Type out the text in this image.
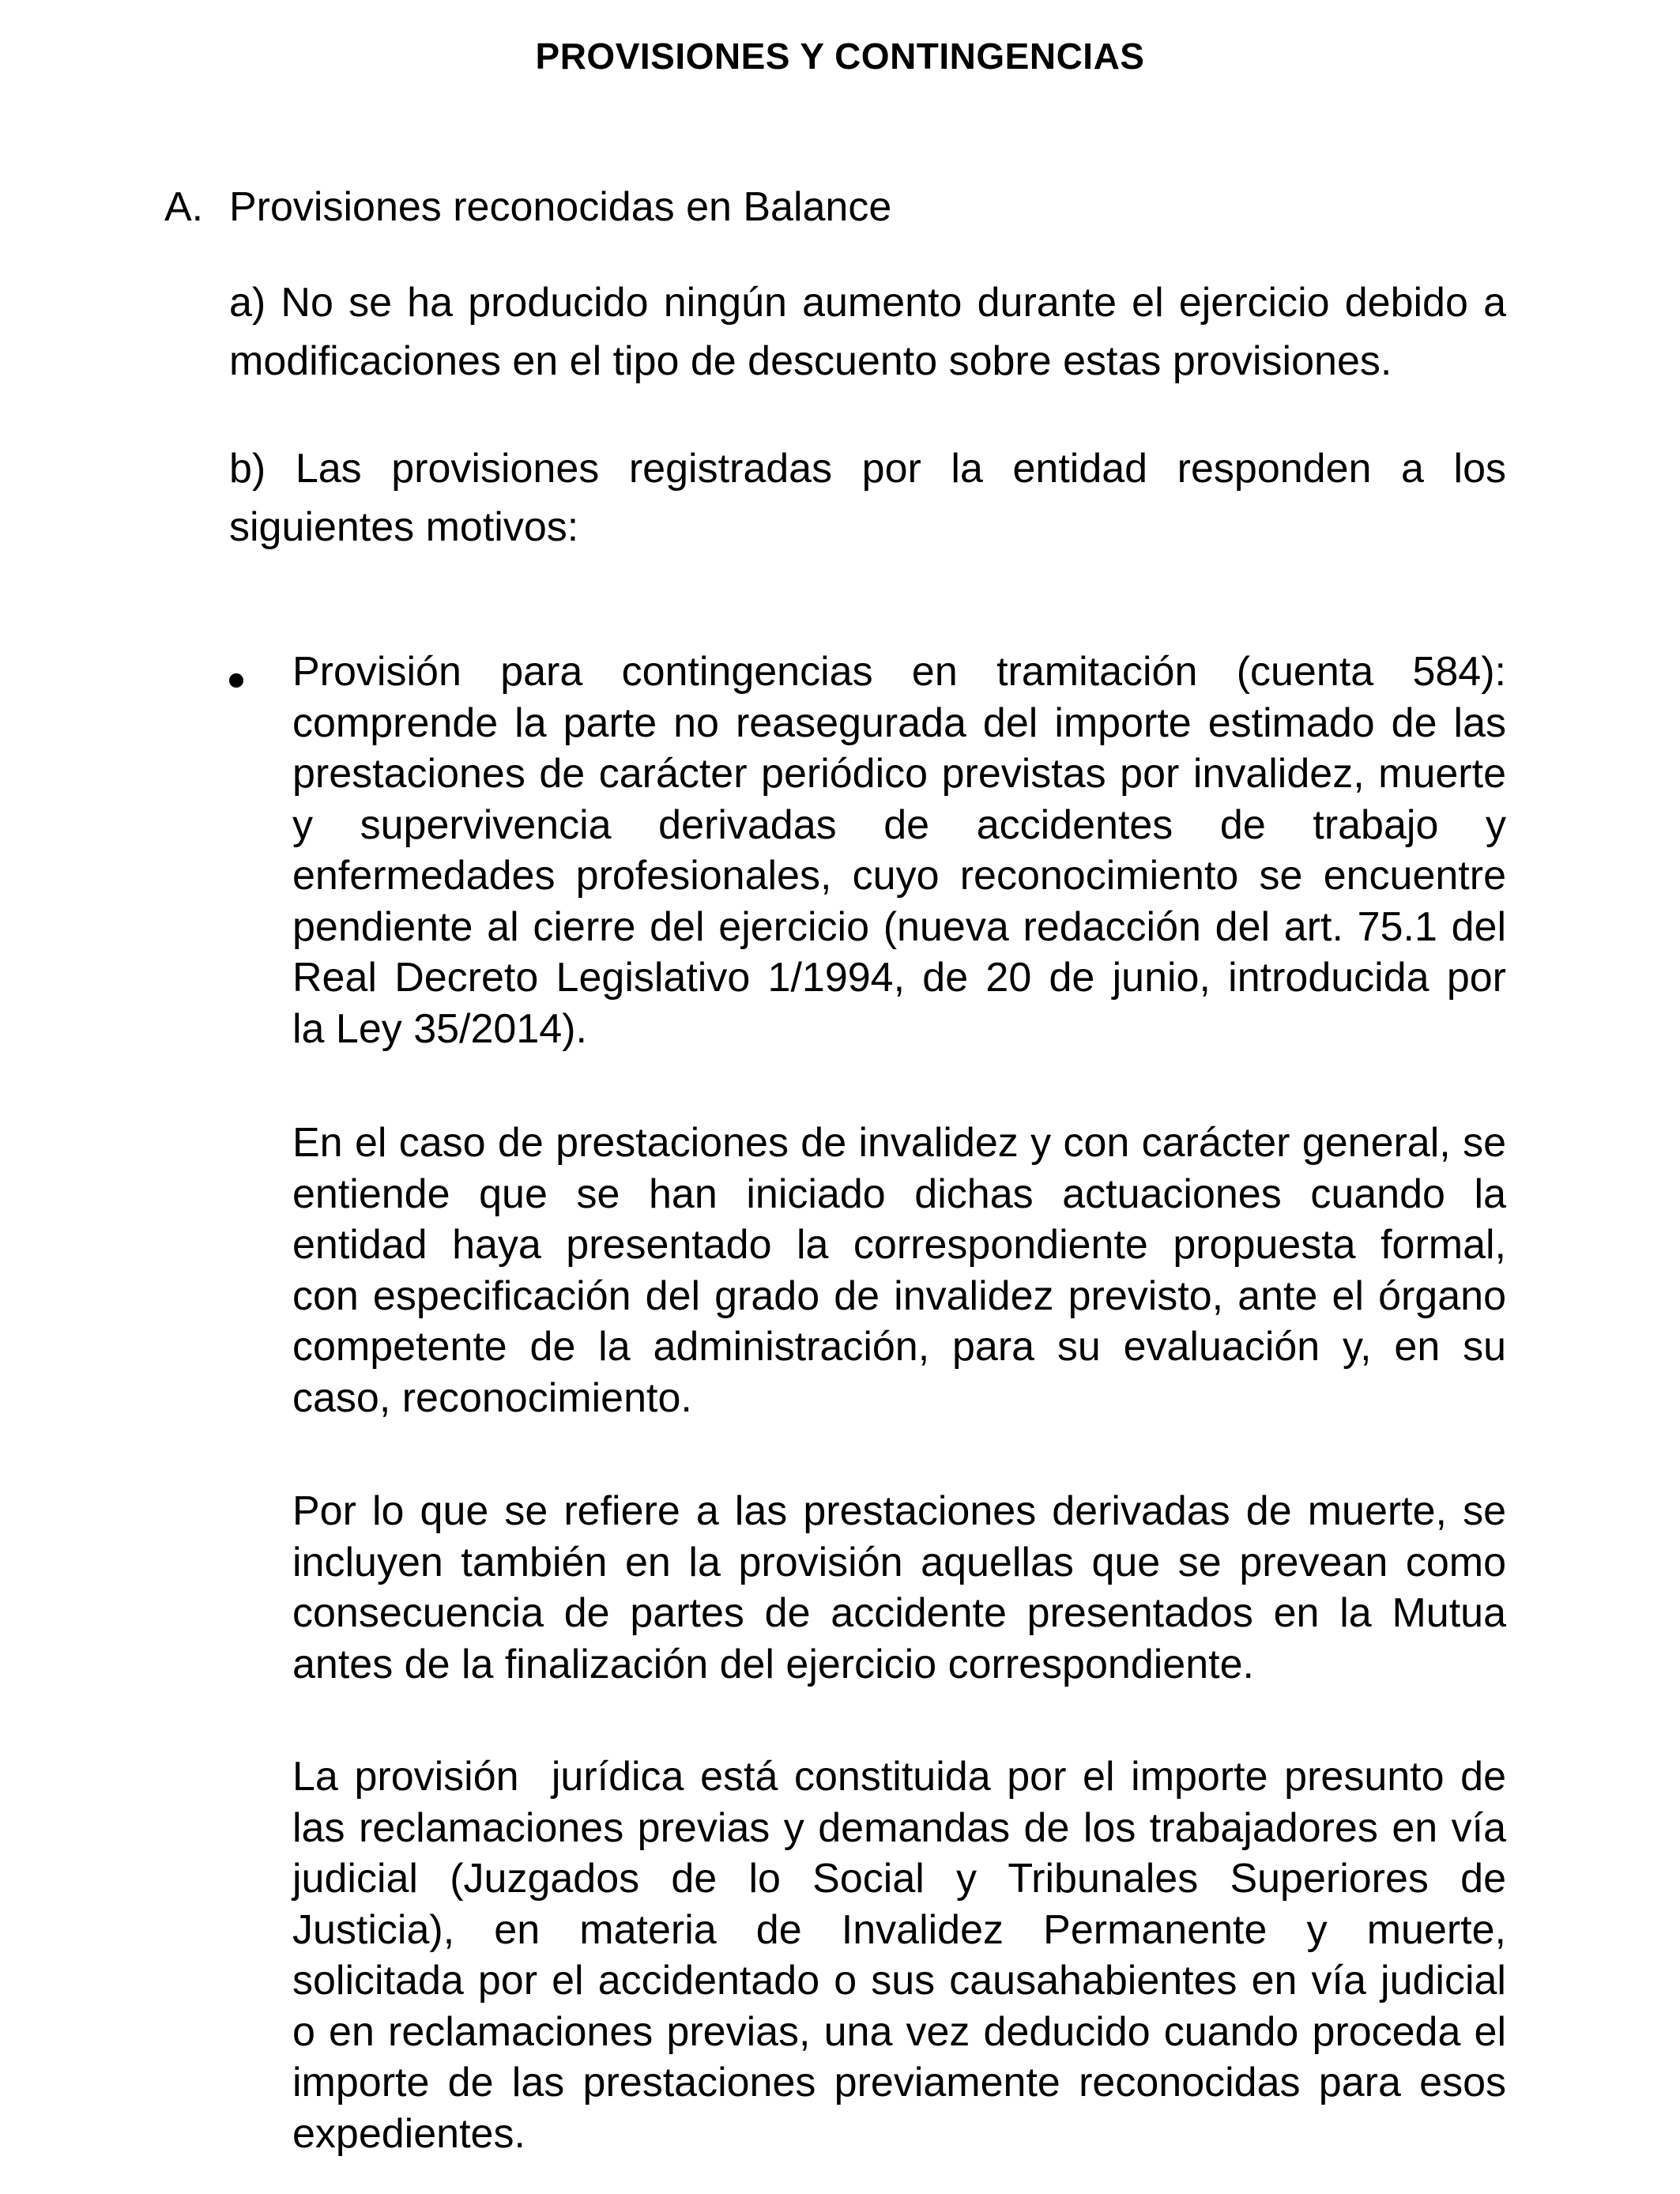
PROVISIONES Y CONTINGENCIAS
A. Provisiones reconocidas en Balance
a) No se ha producido ningún aumento durante el ejercicio debido a
modificaciones en el tipo de descuento sobre estas provisiones.
b) Las provisiones registradas por la entidad responden a los
siguientes motivos:
Provisión para contingencias en tramitación (cuenta 584):
comprende la parte no reasegurada del importe estimado de las
prestaciones de carácter periódico previstas por invalidez, muerte
y supervivencia derivadas de accidentes de trabajo y
enfermedades profesionales, cuyo reconocimiento se encuentre
pendiente al cierre del ejercicio (nueva redacción del art. 75.1 del
Real Decreto Legislativo 1/1994, de 20 de junio, introducida por
la Ley 35/2014).
En el caso de prestaciones de invalidez y con carácter general, se
entiende que se han iniciado dichas actuaciones cuando la
entidad haya presentado la correspondiente propuesta formal,
con especificación del grado de invalidez previsto, ante el órgano
competente de la administración, para su evaluación y, en su
caso, reconocimiento.
Por lo que se refiere a las prestaciones derivadas de muerte, se
incluyen también en la provisión aquellas que se prevean como
consecuencia de partes de accidente presentados en la Mutua
antes de la finalización del ejercicio correspondiente.
La provisión  jurídica está constituida por el importe presunto de
las reclamaciones previas y demandas de los trabajadores en vía
judicial (Juzgados de lo Social y Tribunales Superiores de
Justicia), en materia de Invalidez Permanente y muerte,
solicitada por el accidentado o sus causahabientes en vía judicial
o en reclamaciones previas, una vez deducido cuando proceda el
importe de las prestaciones previamente reconocidas para esos
expedientes.
